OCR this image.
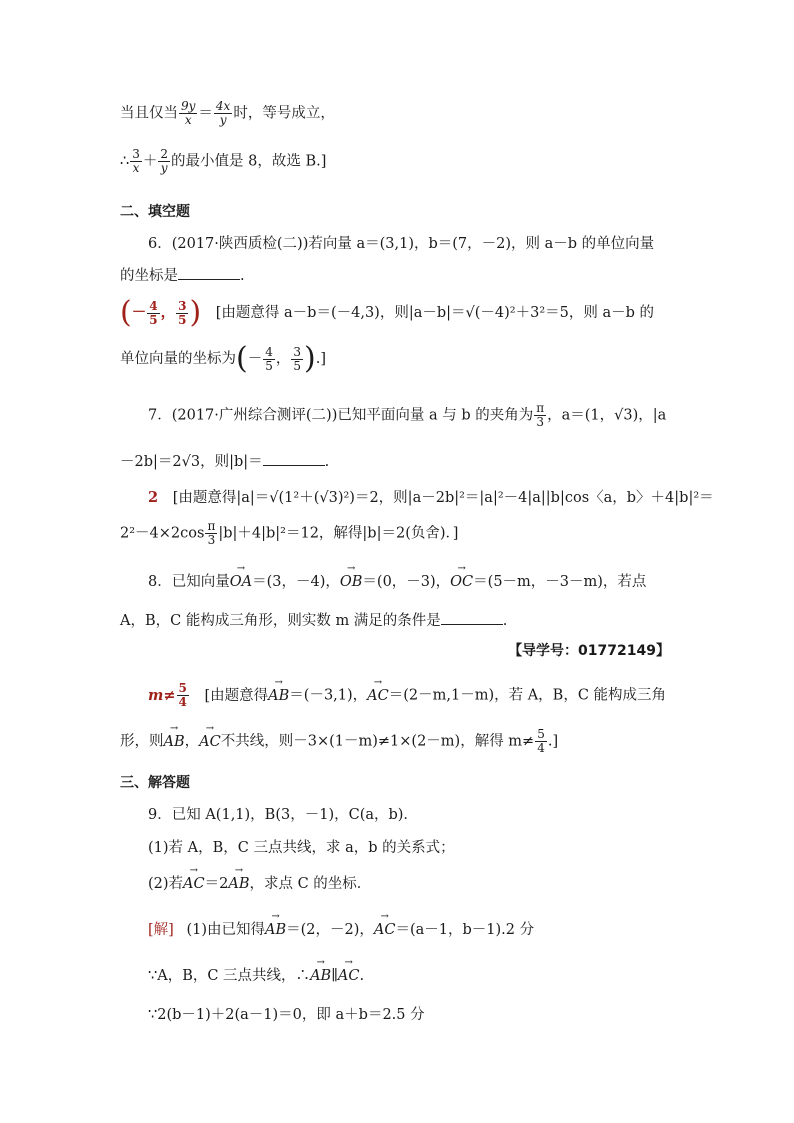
当且仅当 $\frac{9y}{x} = \frac{4x}{y}$ 时，等号成立，
∴ $\frac{3}{x} + \frac{2}{y}$ 的最小值是 8，故选 B.]
二、填空题
6．(2017·陕西质检(二))若向量 a＝(3,1)，b＝(7，－2)，则 a－b 的单位向量
的坐标是	.
(－ $\frac{4}{5}$ ， $\frac{3}{5}$ ) [由题意得 a－b＝(－4,3)，则|a－b|＝√(－4)²＋3²＝5，则 a－b 的
单位向量的坐标为(－ $\frac{4}{5}$ ， $\frac{3}{5}$ ).]
7．(2017·广州综合测评(二))已知平面向量 a 与 b 的夹角为 $\frac{\pi}{3}$ ，a＝(1，√3)，|a
－2b|＝2√3，则|b|＝	.
2 [由题意得|a|＝√(1²＋(√3)²)＝2，则|a－2b|²＝|a|²－4|a||b|cos〈a，b〉＋4|b|²＝
$2^2-4\times 2\cos \frac{\pi}{3} |b|+4|b|^2=12$，解得|b|＝2(负舍)．]
8．已知向量→ OA＝(3，－4)，→ OB＝(0，－3)，→ OC＝(5－m，－3－m)，若点
A，B，C 能构成三角形，则实数 m 满足的条件是	.
【导学号：01772149】
$m\ne \frac{5}{4}$ [由题意得→ AB＝(－3,1)，→ AC＝(2－m,1－m)，若 A，B，C 能构成三角
形，则→ AB，→ AC不共线，则－3×(1－m)≠1×(2－m)，解得 $m\ne \frac{5}{4}$ .]
三、解答题
9．已知 A(1,1)，B(3，－1)，C(a，b)．
(1)若 A，B，C 三点共线，求 a，b 的关系式；
(2)若→ AC＝2→ AB，求点 C 的坐标．
[解] (1)由已知得→ AB＝(2，－2)，→ AC＝(a－1，b－1).2 分
∵A，B，C 三点共线，∴→ AB∥→ AC.
∵2(b－1)＋2(a－1)＝0，即 a＋b＝2.5 分
